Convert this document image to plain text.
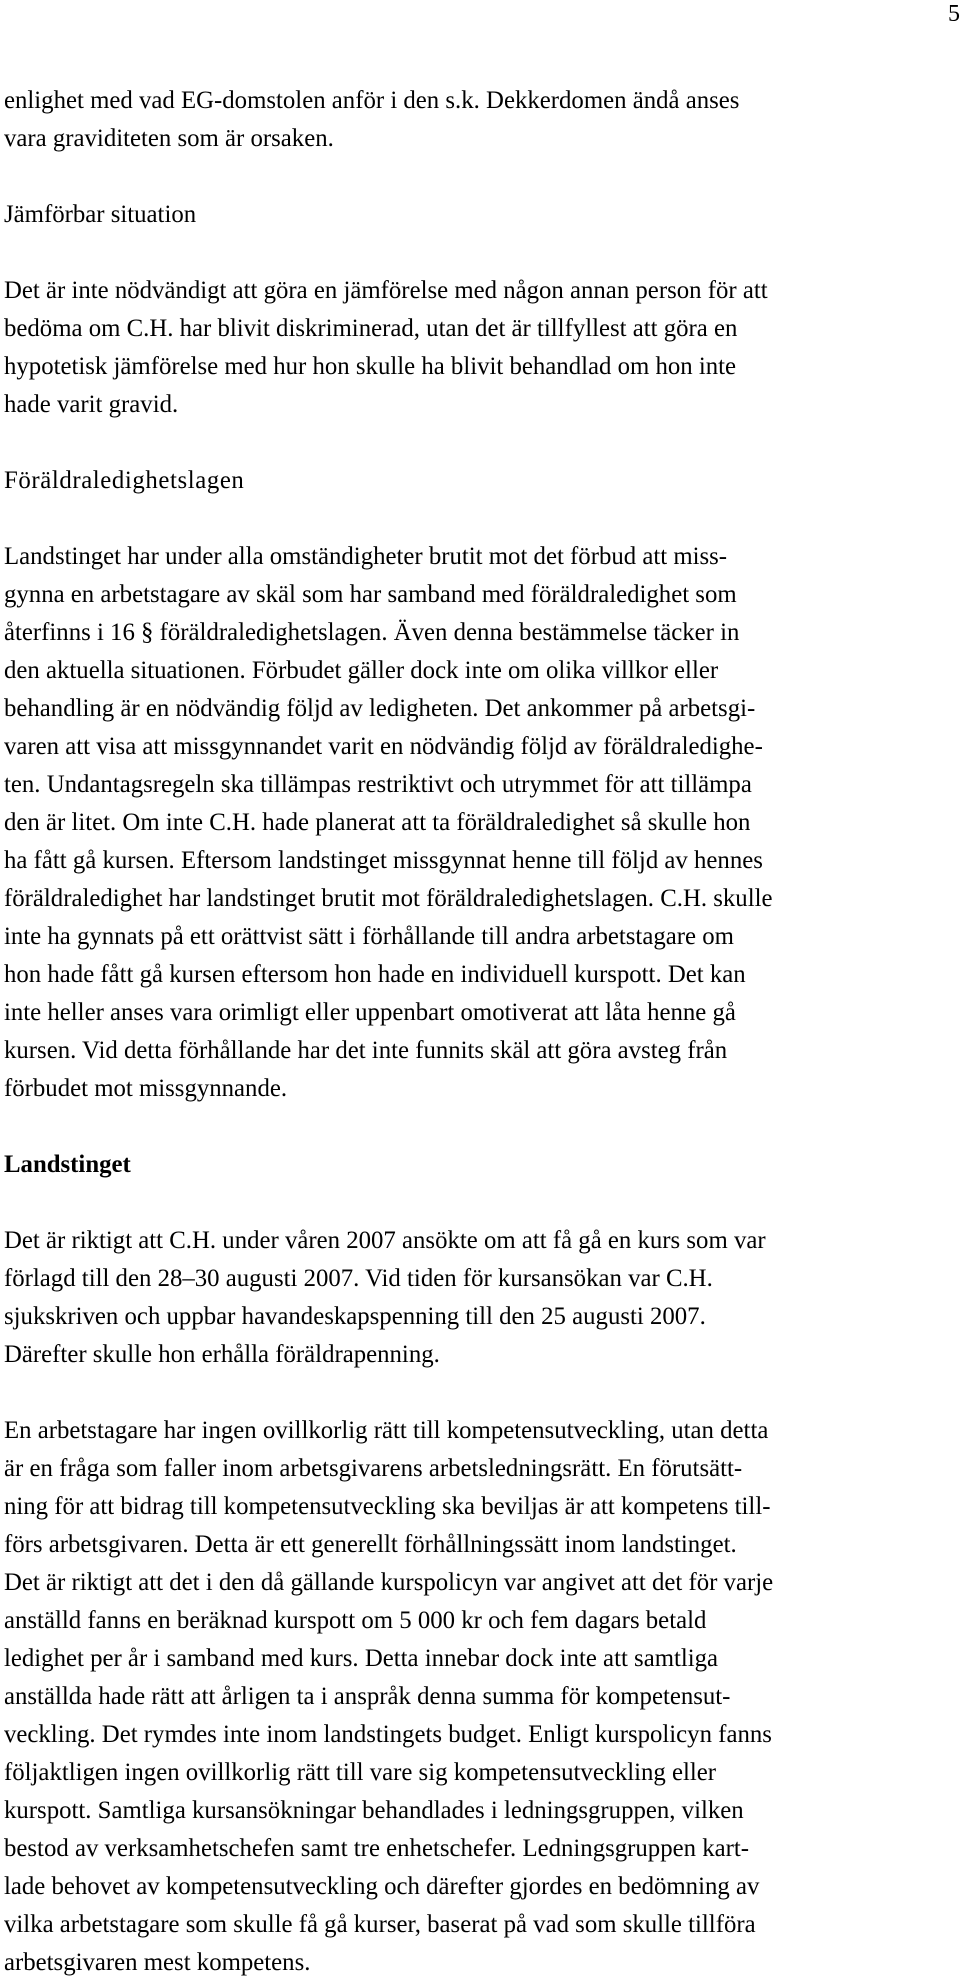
5

enlighet med vad EG-domstolen anför i den s.k. Dekkerdomen ändå anses
vara graviditeten som är orsaken.

Jämförbar situation

Det är inte nödvändigt att göra en jämförelse med någon annan person för att
bedöma om C.H. har blivit diskriminerad, utan det är tillfyllest att göra en
hypotetisk jämförelse med hur hon skulle ha blivit behandlad om hon inte
hade varit gravid.

Föräldraledighetslagen

Landstinget har under alla omständigheter brutit mot det förbud att miss-
gynna en arbetstagare av skäl som har samband med föräldraledighet som
återfinns i 16 § föräldraledighetslagen. Även denna bestämmelse täcker in
den aktuella situationen. Förbudet gäller dock inte om olika villkor eller
behandling är en nödvändig följd av ledigheten. Det ankommer på arbetsgi-
varen att visa att missgynnandet varit en nödvändig följd av föräldraledighe-
ten. Undantagsregeln ska tillämpas restriktivt och utrymmet för att tillämpa
den är litet. Om inte C.H. hade planerat att ta föräldraledighet så skulle hon
ha fått gå kursen. Eftersom landstinget missgynnat henne till följd av hennes
föräldraledighet har landstinget brutit mot föräldraledighetslagen. C.H. skulle
inte ha gynnats på ett orättvist sätt i förhållande till andra arbetstagare om
hon hade fått gå kursen eftersom hon hade en individuell kurspott. Det kan
inte heller anses vara orimligt eller uppenbart omotiverat att låta henne gå
kursen. Vid detta förhållande har det inte funnits skäl att göra avsteg från
förbudet mot missgynnande.

Landstinget

Det är riktigt att C.H. under våren 2007 ansökte om att få gå en kurs som var
förlagd till den 28–30 augusti 2007. Vid tiden för kursansökan var C.H.
sjukskriven och uppbar havandeskapspenning till den 25 augusti 2007.
Därefter skulle hon erhålla föräldrapenning.

En arbetstagare har ingen ovillkorlig rätt till kompetensutveckling, utan detta
är en fråga som faller inom arbetsgivarens arbetsledningsrätt. En förutsätt-
ning för att bidrag till kompetensutveckling ska beviljas är att kompetens till-
förs arbetsgivaren. Detta är ett generellt förhållningssätt inom landstinget.
Det är riktigt att det i den då gällande kurspolicyn var angivet att det för varje
anställd fanns en beräknad kurspott om 5 000 kr och fem dagars betald
ledighet per år i samband med kurs. Detta innebar dock inte att samtliga
anställda hade rätt att årligen ta i anspråk denna summa för kompetensut-
veckling. Det rymdes inte inom landstingets budget. Enligt kurspolicyn fanns
följaktligen ingen ovillkorlig rätt till vare sig kompetensutveckling eller
kurspott. Samtliga kursansökningar behandlades i ledningsgruppen, vilken
bestod av verksamhetschefen samt tre enhetschefer. Ledningsgruppen kart-
lade behovet av kompetensutveckling och därefter gjordes en bedömning av
vilka arbetstagare som skulle få gå kurser, baserat på vad som skulle tillföra
arbetsgivaren mest kompetens.
